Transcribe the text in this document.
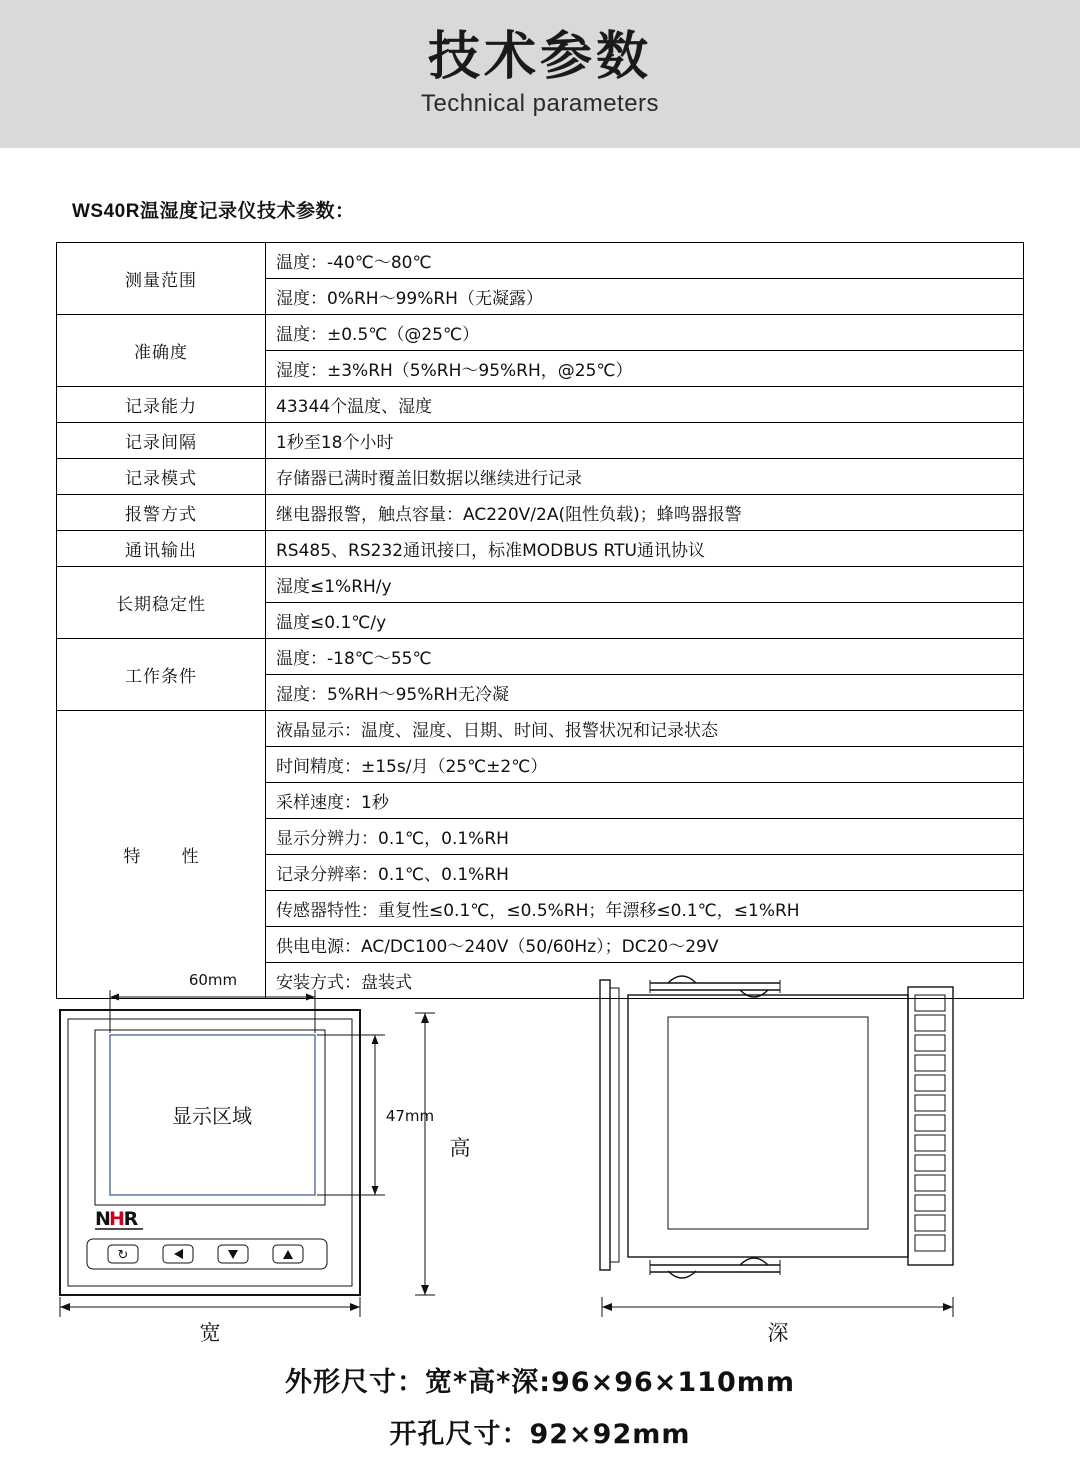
技术参数
Technical parameters
WS40R温湿度记录仪技术参数：
测量范围	温度：-40℃～80℃
	湿度：0%RH～99%RH（无凝露）
准确度	温度：±0.5℃（@25℃）
	湿度：±3%RH（5%RH～95%RH，@25℃）
记录能力	43344个温度、湿度
记录间隔	1秒至18个小时
记录模式	存储器已满时覆盖旧数据以继续进行记录
报警方式	继电器报警，触点容量：AC220V/2A(阻性负载)；蜂鸣器报警
通讯输出	RS485、RS232通讯接口，标准MODBUS RTU通讯协议
长期稳定性	湿度≤1%RH/y
	温度≤0.1℃/y
工作条件	温度：-18℃～55℃
	湿度：5%RH～95%RH无冷凝
特　性	液晶显示：温度、湿度、日期、时间、报警状况和记录状态
	时间精度：±15s/月（25℃±2℃）
	采样速度：1秒
	显示分辨力：0.1℃，0.1%RH
	记录分辨率：0.1℃、0.1%RH
	传感器特性：重复性≤0.1℃，≤0.5%RH；年漂移≤0.1℃，≤1%RH
	供电电源：AC/DC100～240V（50/60Hz）；DC20～29V
	安装方式：盘装式
60mm
显示区域	47mm
N
H
R
↻
高
宽	深
外形尺寸：宽*高*深:96×96×110mm
开孔尺寸：92×92mm
